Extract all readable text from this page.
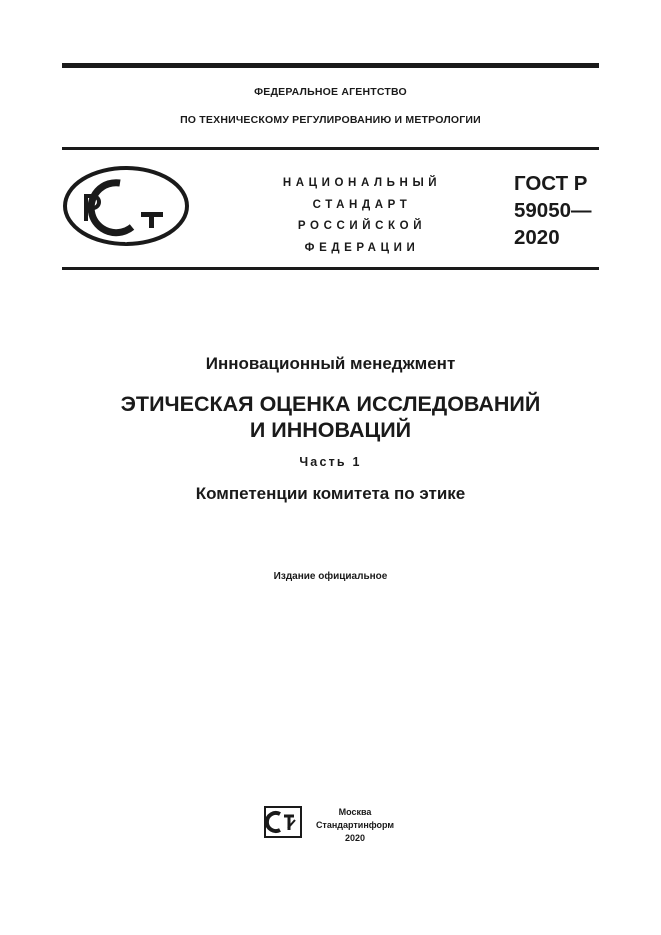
ФЕДЕРАЛЬНОЕ АГЕНТСТВО
ПО ТЕХНИЧЕСКОМУ РЕГУЛИРОВАНИЮ И МЕТРОЛОГИИ
РСТ
НАЦИОНАЛЬНЫЙ
СТАНДАРТ
РОССИЙСКОЙ
ФЕДЕРАЦИИ
ГОСТ Р
59050—
2020
Инновационный менеджмент
ЭТИЧЕСКАЯ ОЦЕНКА ИССЛЕДОВАНИЙ
И ИННОВАЦИЙ
Часть 1
Компетенции комитета по этике
Издание официальное
СИ
Москва
Стандартинформ
2020
